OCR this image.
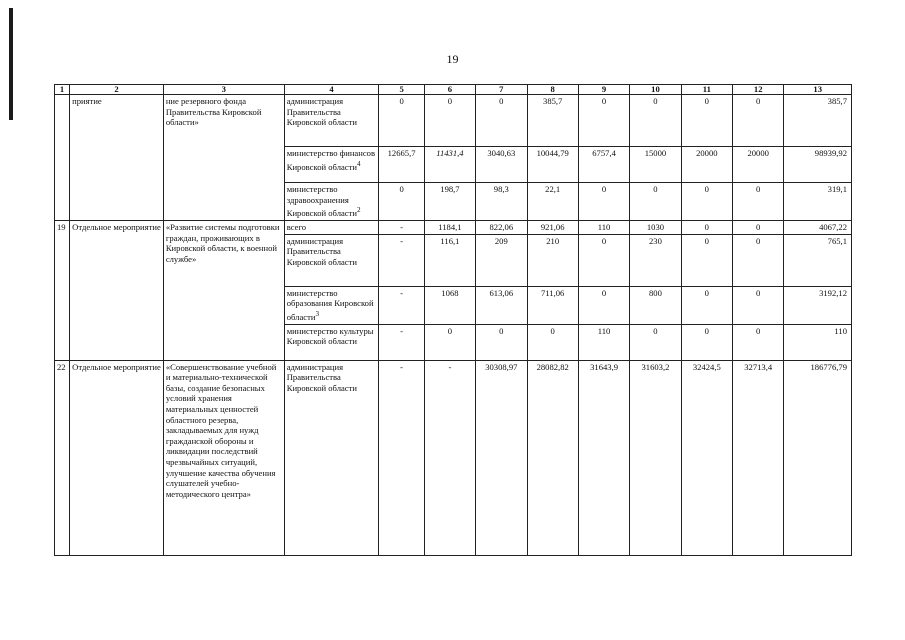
19
1	2	3	4	5	6	7	8	9	10	11	12	13
	приятие	ние резервного фонда Правительства Кировской области»	администрация Правительства Кировской области	0	0	0	385,7	0	0	0	0	385,7
			министерство финансов Кировской области$^4$	12665,7	11431,4	3040,63	10044,79	6757,4	15000	20000	20000	98939,92
			министерство здравоохранения Кировской области$^2$	0	198,7	98,3	22,1	0	0	0	0	319,1
19	Отдельное мероприятие	«Развитие системы подготовки граждан, проживающих в Кировской области, к военной службе»	всего	-	1184,1	822,06	921,06	110	1030	0	0	4067,22
			администрация Правительства Кировской области	-	116,1	209	210	0	230	0	0	765,1
			министерство образования Кировской области$^3$	-	1068	613,06	711,06	0	800	0	0	3192,12
			министерство культуры Кировской области	-	0	0	0	110	0	0	0	110
22	Отдельное мероприятие	«Совершенствование учебной и материально-технической базы, создание безопасных условий хранения материальных ценностей областного резерва, закладываемых для нужд гражданской обороны и ликвидации последствий чрезвычайных ситуаций, улучшение качества обучения слушателей учебно-методического центра»	администрация Правительства Кировской области	-	-	30308,97	28082,82	31643,9	31603,2	32424,5	32713,4	186776,79
